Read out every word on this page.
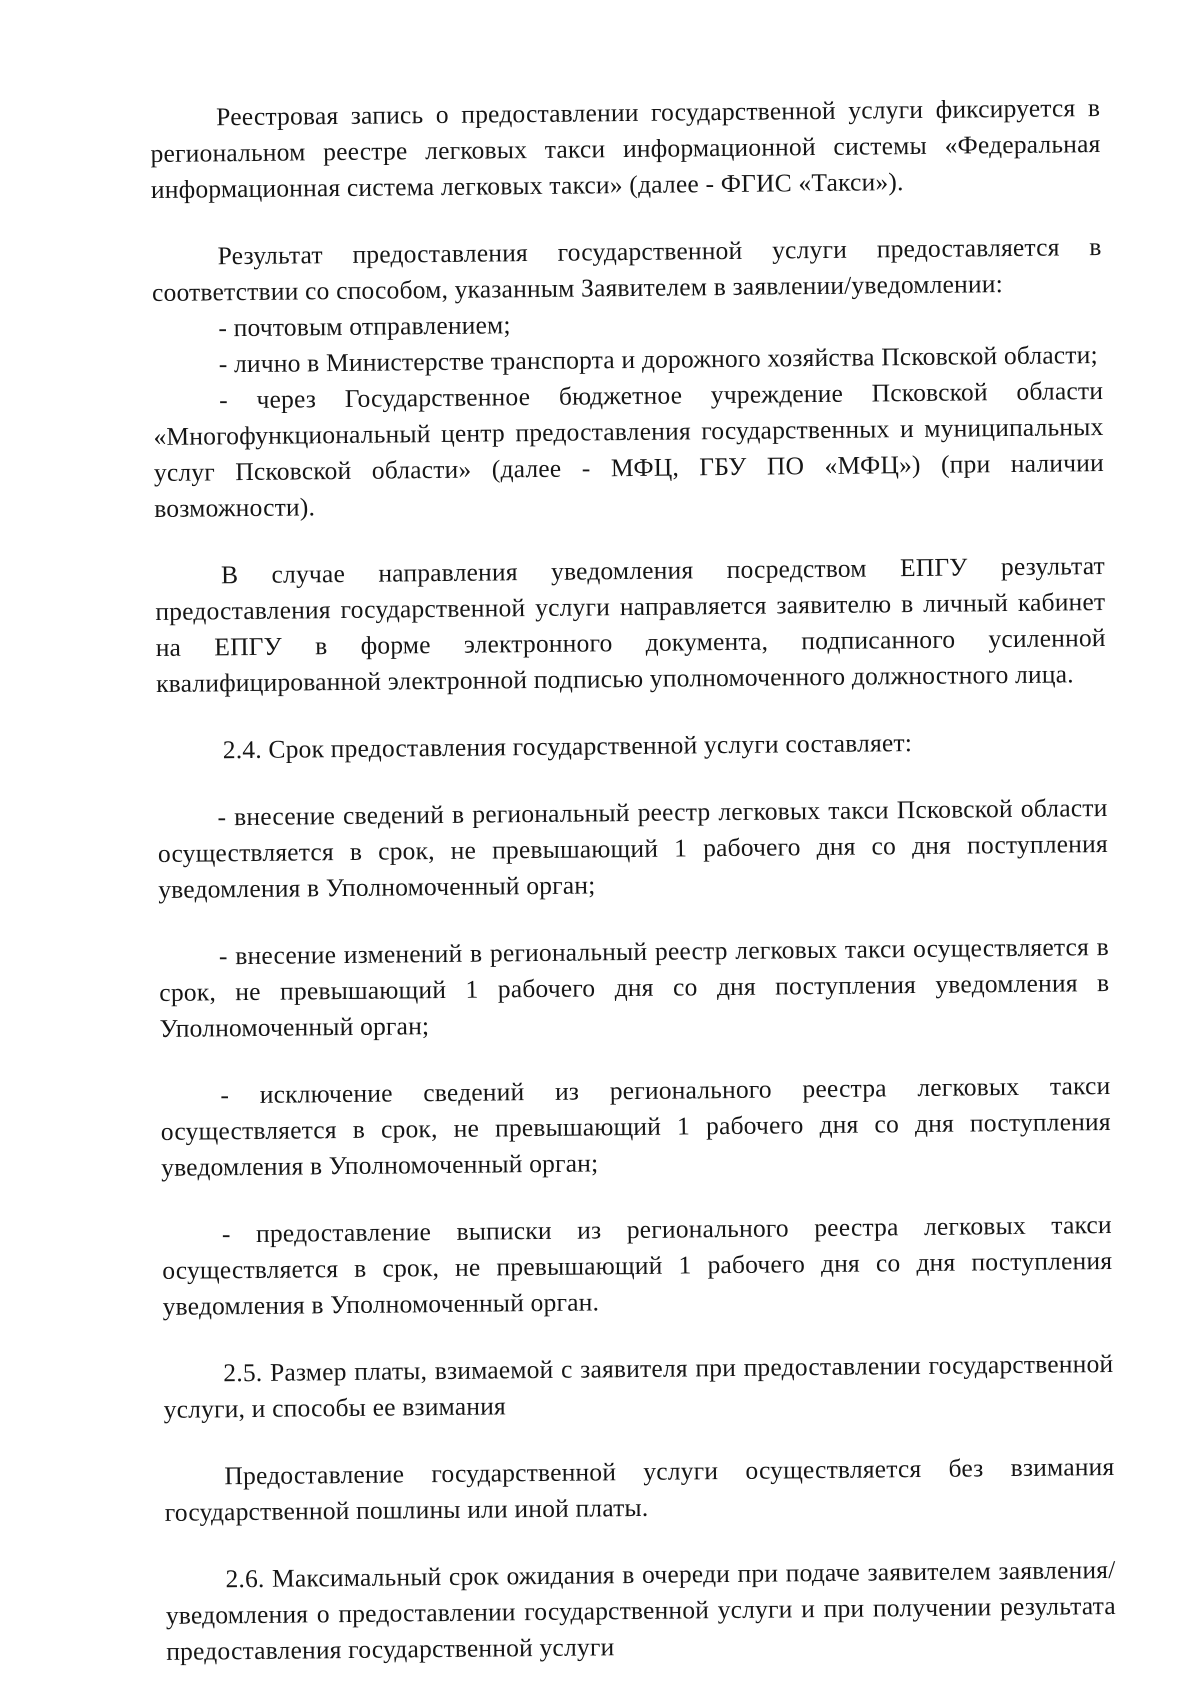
Реестровая запись о предоставлении государственной услуги фиксируется в региональном реестре легковых такси информационной системы «Федеральная информационная система легковых такси» (далее - ФГИС «Такси»).

Результат предоставления государственной услуги предоставляется в соответствии со способом, указанным Заявителем в заявлении/уведомлении:
- почтовым отправлением;
- лично в Министерстве транспорта и дорожного хозяйства Псковской области;
- через Государственное бюджетное учреждение Псковской области «Многофункциональный центр предоставления государственных и муниципальных услуг Псковской области» (далее - МФЦ, ГБУ ПО «МФЦ») (при наличии возможности).

В случае направления уведомления посредством ЕПГУ результат предоставления государственной услуги направляется заявителю в личный кабинет на ЕПГУ в форме электронного документа, подписанного усиленной квалифицированной электронной подписью уполномоченного должностного лица.

2.4. Срок предоставления государственной услуги составляет:

- внесение сведений в региональный реестр легковых такси Псковской области осуществляется в срок, не превышающий 1 рабочего дня со дня поступления уведомления в Уполномоченный орган;

- внесение изменений в региональный реестр легковых такси осуществляется в срок, не превышающий 1 рабочего дня со дня поступления уведомления в Уполномоченный орган;

- исключение сведений из регионального реестра легковых такси осуществляется в срок, не превышающий 1 рабочего дня со дня поступления уведомления в Уполномоченный орган;

- предоставление выписки из регионального реестра легковых такси осуществляется в срок, не превышающий 1 рабочего дня со дня поступления уведомления в Уполномоченный орган.

2.5. Размер платы, взимаемой с заявителя при предоставлении государственной услуги, и способы ее взимания

Предоставление государственной услуги осуществляется без взимания государственной пошлины или иной платы.

2.6. Максимальный срок ожидания в очереди при подаче заявителем заявления/уведомления о предоставлении государственной услуги и при получении результата предоставления государственной услуги
